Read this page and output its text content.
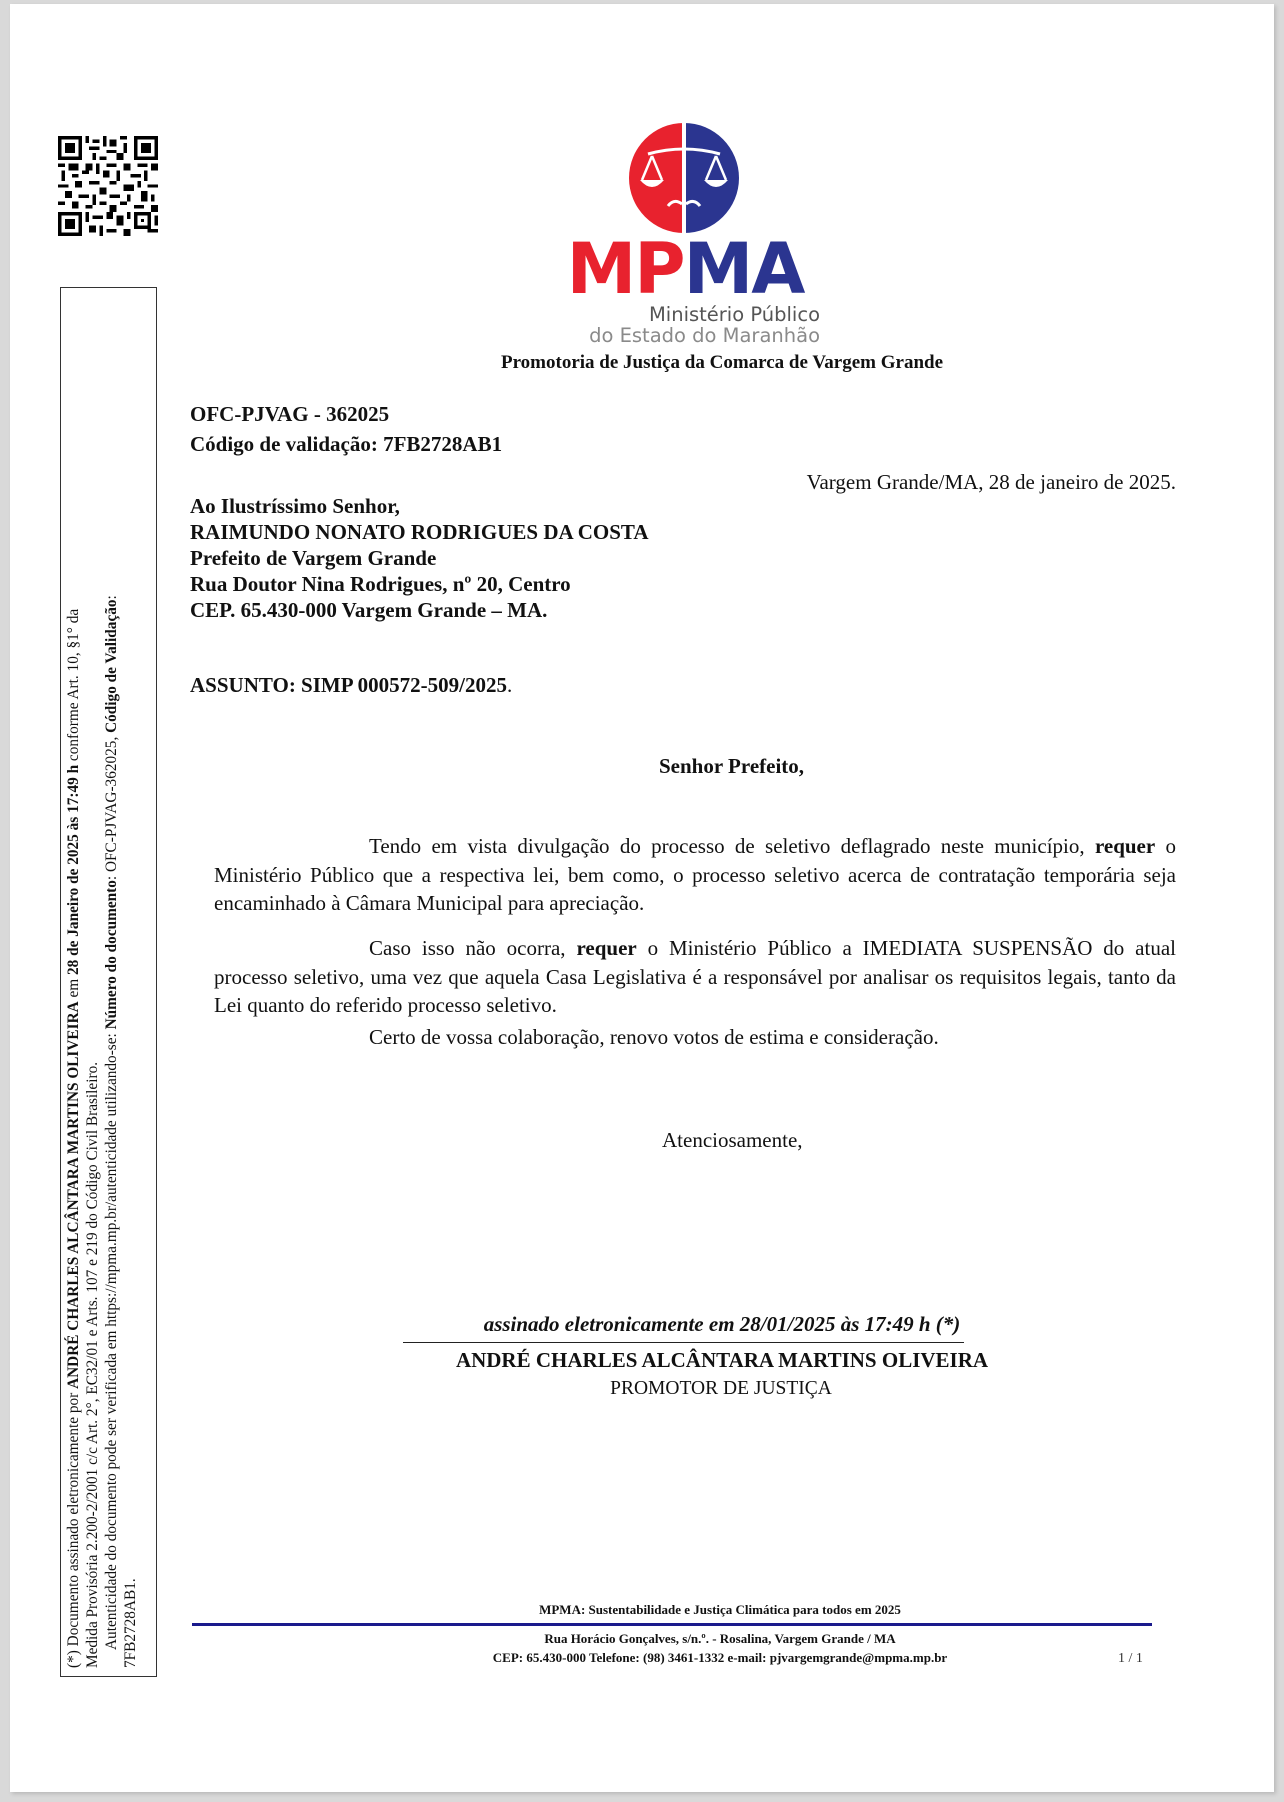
(*) Documento assinado eletronicamente por ANDRÉ CHARLES ALCÂNTARA MARTINS OLIVEIRA em 28 de Janeiro de 2025 às 17:49 h conforme Art. 10, §1° da
Medida Provisória 2.200-2/2001 c/c Art. 2°, EC32/01 e Arts. 107 e 219 do Código Civil Brasileiro. Autenticidade do documento pode ser verificada em https://mpma.mp.br/autenticidade utilizando-se: Número do documento: OFC-PJVAG-362025, Código de Validação:
7FB2728AB1.
MPMA
Ministério Público
do Estado do Maranhão
Promotoria de Justiça da Comarca de Vargem Grande
OFC-PJVAG - 362025
Código de validação: 7FB2728AB1
Vargem Grande/MA, 28 de janeiro de 2025.
Ao Ilustríssimo Senhor,
RAIMUNDO NONATO RODRIGUES DA COSTA
Prefeito de Vargem Grande
Rua Doutor Nina Rodrigues, nº 20, Centro
CEP. 65.430-000 Vargem Grande – MA.
ASSUNTO: SIMP 000572-509/2025.
Senhor Prefeito,
Tendo em vista divulgação do processo de seletivo deflagrado neste município, requer o Ministério Público que a respectiva lei, bem como, o processo seletivo acerca de contratação temporária seja encaminhado à Câmara Municipal para apreciação.
Caso isso não ocorra, requer o Ministério Público a IMEDIATA SUSPENSÃO do atual processo seletivo, uma vez que aquela Casa Legislativa é a responsável por analisar os requisitos legais, tanto da Lei quanto do referido processo seletivo.
Certo de vossa colaboração, renovo votos de estima e consideração.
Atenciosamente,
assinado eletronicamente em 28/01/2025 às 17:49 h (*)
ANDRÉ CHARLES ALCÂNTARA MARTINS OLIVEIRA
PROMOTOR DE JUSTIÇA
MPMA: Sustentabilidade e Justiça Climática para todos em 2025
Rua Horácio Gonçalves, s/n.º. - Rosalina, Vargem Grande / MA
CEP: 65.430-000 Telefone: (98) 3461-1332 e-mail: pjvargemgrande@mpma.mp.br	1 / 1
